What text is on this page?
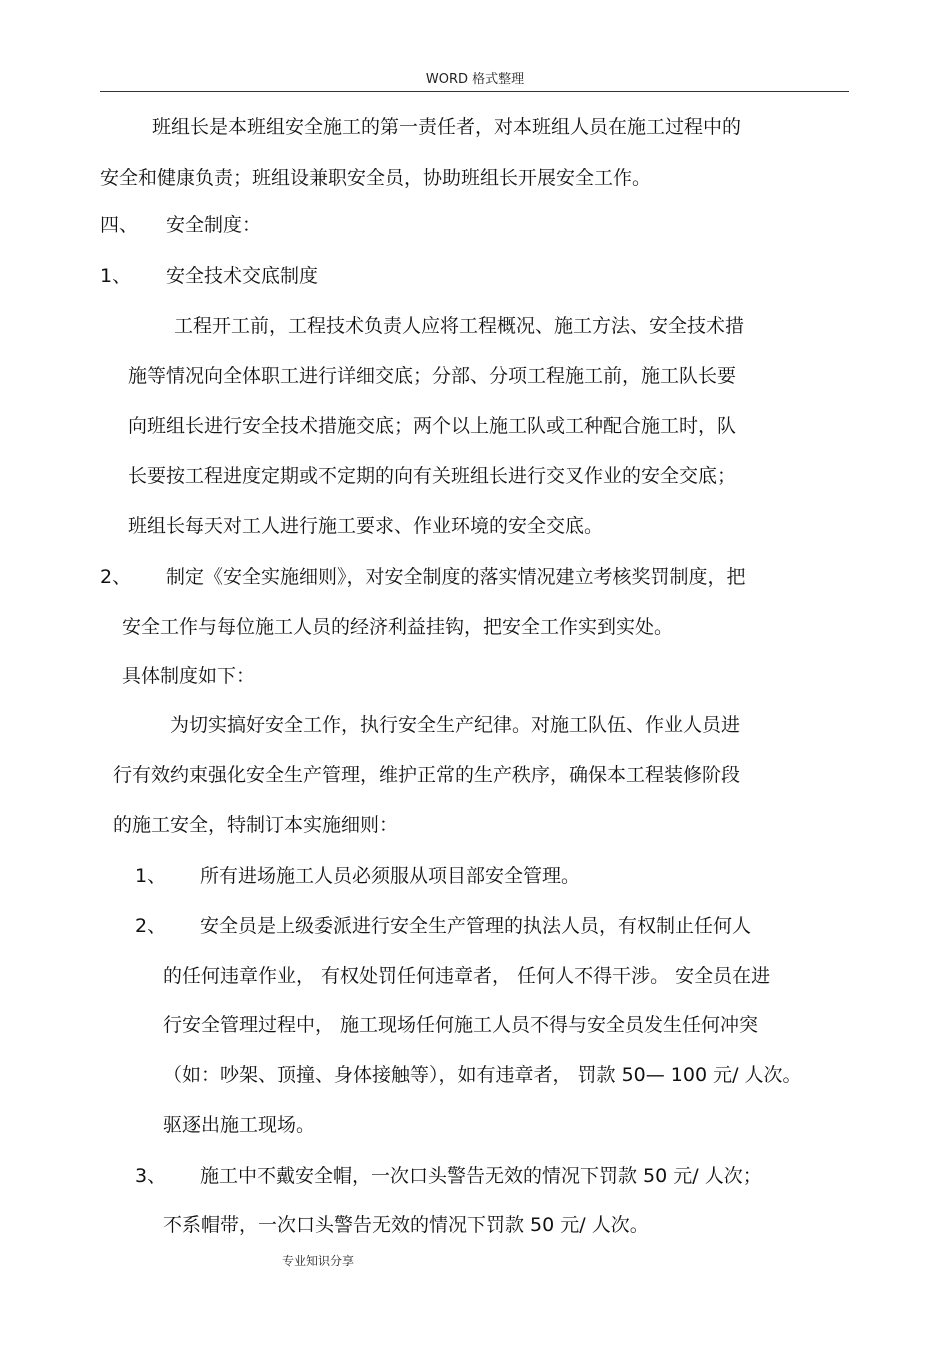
WORD 格式整理
班组长是本班组安全施工的第一责任者，对本班组人员在施工过程中的
安全和健康负责；班组设兼职安全员，协助班组长开展安全工作。
四、 安全制度：
1、 安全技术交底制度
工程开工前，工程技术负责人应将工程概况、施工方法、安全技术措
施等情况向全体职工进行详细交底；分部、分项工程施工前，施工队长要
向班组长进行安全技术措施交底；两个以上施工队或工种配合施工时，队
长要按工程进度定期或不定期的向有关班组长进行交叉作业的安全交底；
班组长每天对工人进行施工要求、作业环境的安全交底。
2、 制定《安全实施细则》，对安全制度的落实情况建立考核奖罚制度，把
安全工作与每位施工人员的经济利益挂钩，把安全工作实到实处。
具体制度如下：
为切实搞好安全工作，执行安全生产纪律。对施工队伍、作业人员进
行有效约束强化安全生产管理，维护正常的生产秩序，确保本工程装修阶段
的施工安全，特制订本实施细则：
1、 所有进场施工人员必须服从项目部安全管理。
2、 安全员是上级委派进行安全生产管理的执法人员，有权制止任何人
的任何违章作业， 有权处罚任何违章者， 任何人不得干涉。 安全员在进
行安全管理过程中， 施工现场任何施工人员不得与安全员发生任何冲突
（如：吵架、顶撞、身体接触等），如有违章者， 罚款 50— 100 元/ 人次。
驱逐出施工现场。
3、 施工中不戴安全帽，一次口头警告无效的情况下罚款 50 元/ 人次；
不系帽带，一次口头警告无效的情况下罚款 50 元/ 人次。
专业知识分享
